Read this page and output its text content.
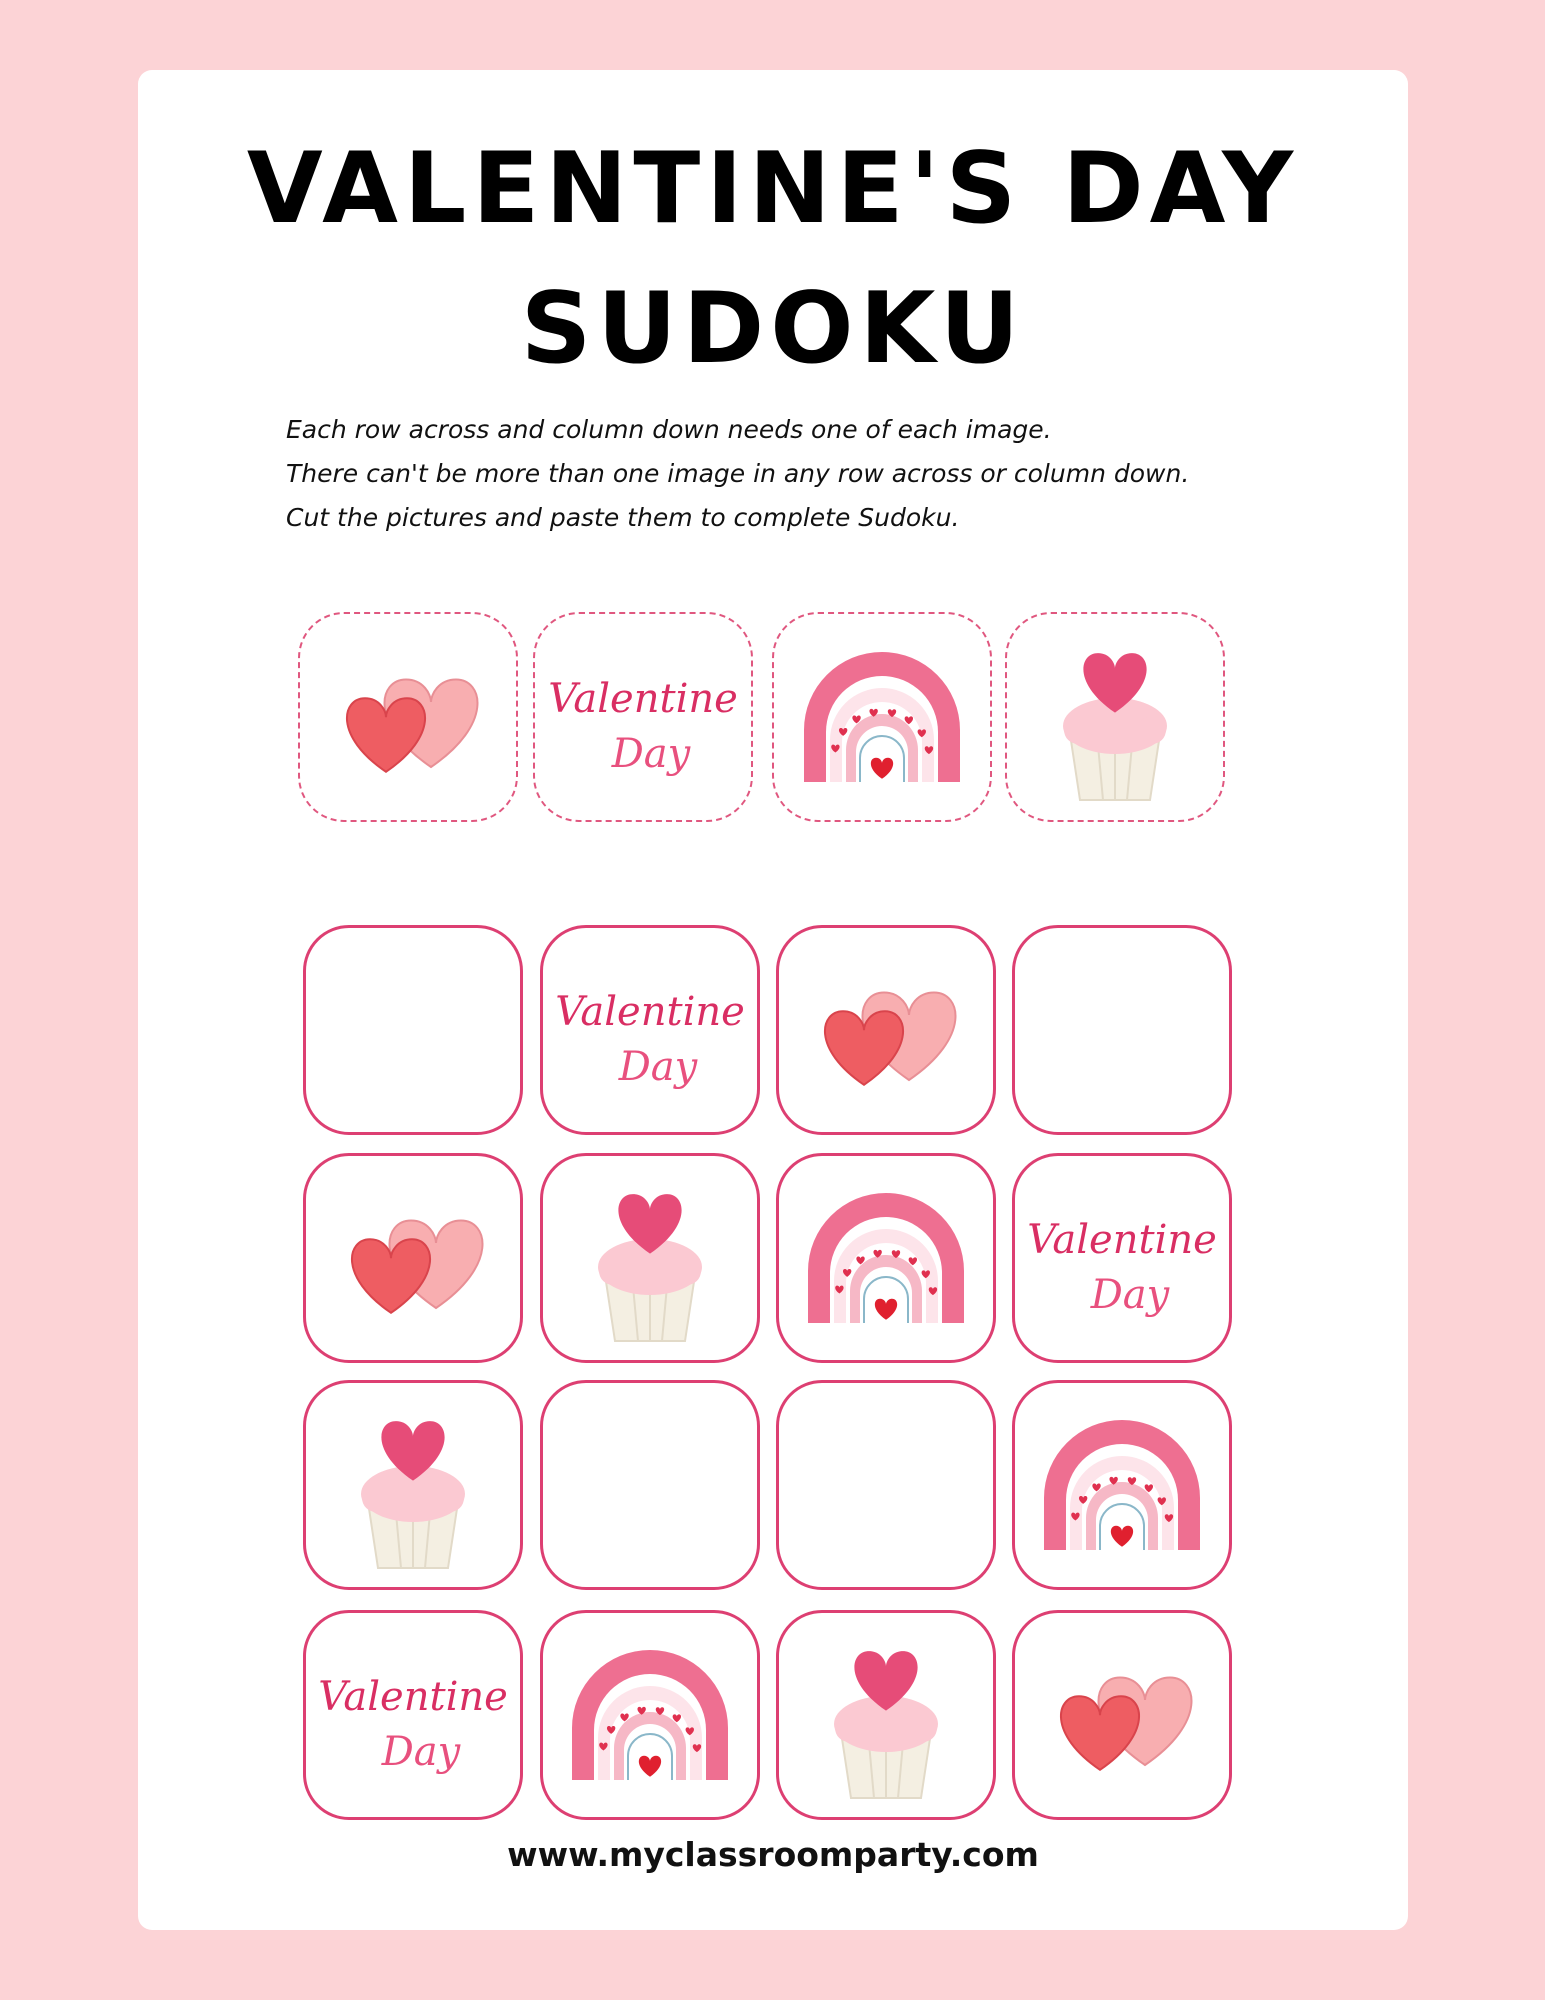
VALENTINE'S DAY
SUDOKU

Each row across and column down needs one of each image.

There can't be more than one image in any row across or column down.

Cut the pictures and paste them to complete Sudoku.

Valentine
Day
Valentine
Day
Valentine
Day
Valentine
Day
www.myclassroomparty.com
